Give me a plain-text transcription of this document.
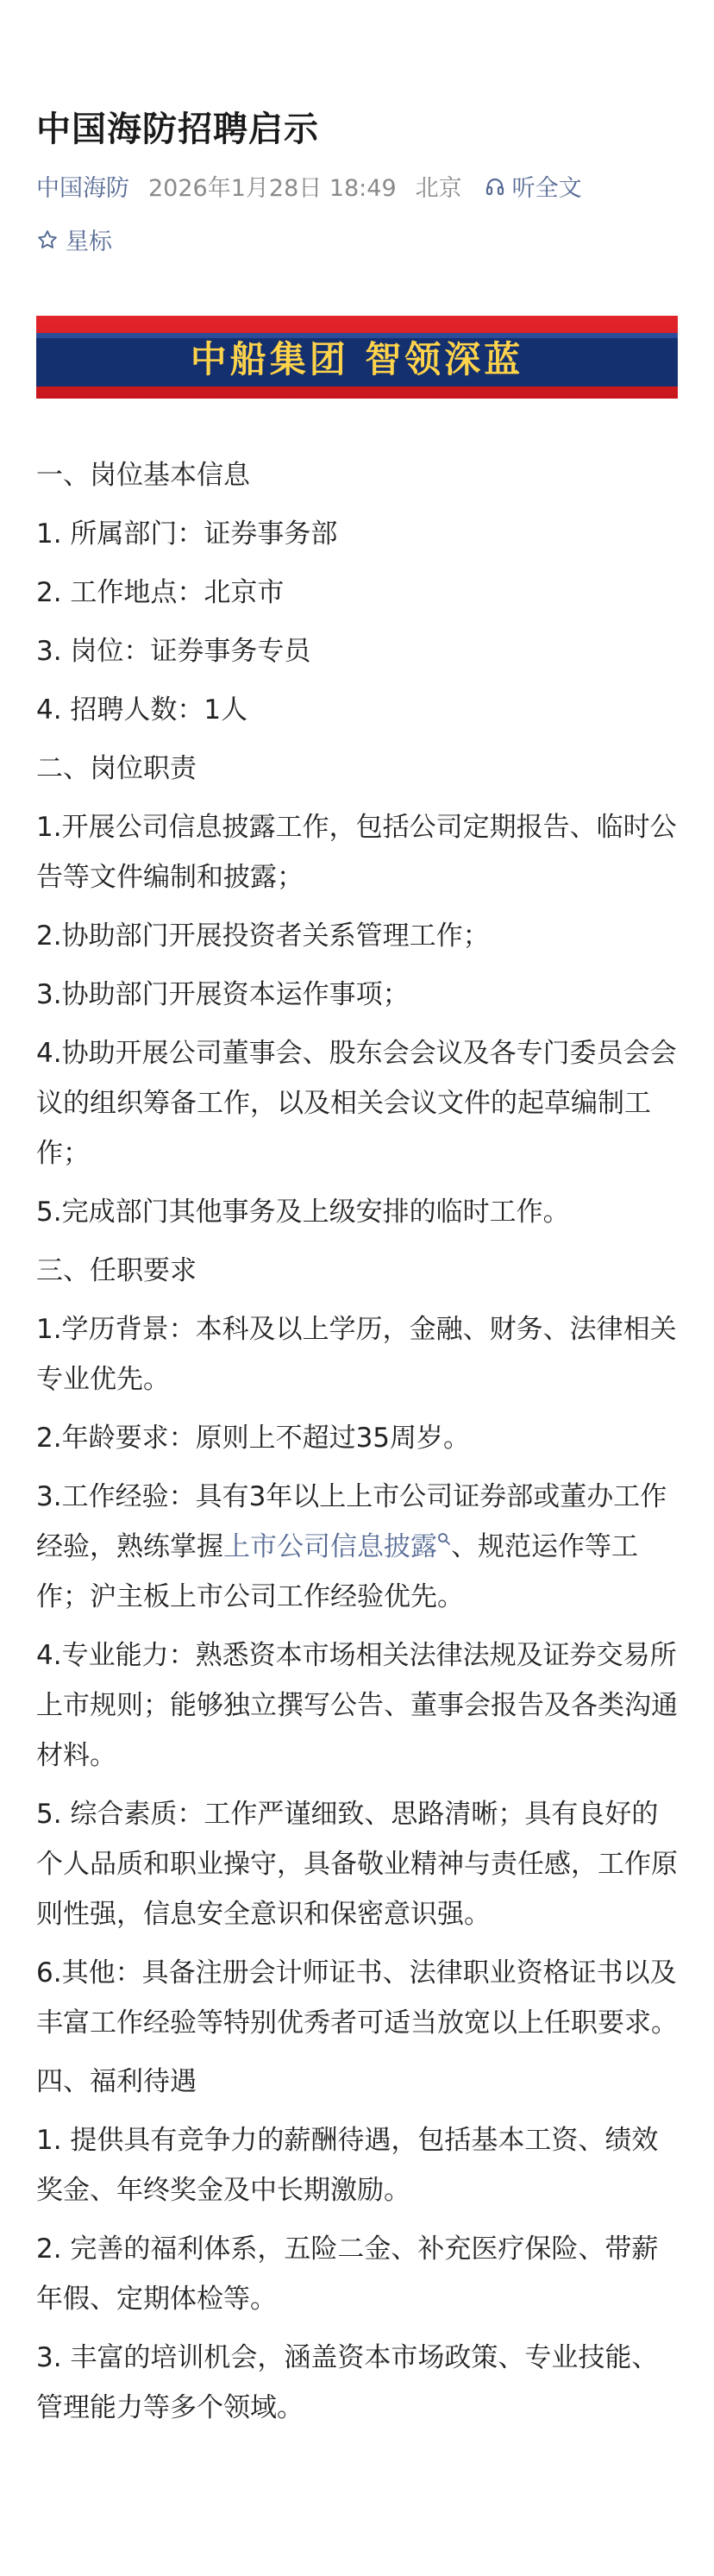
中国海防招聘启示
中国海防 2026年1月28日 18:49 北京 听全文
星标
中船集团 智领深蓝

一、岗位基本信息

1. 所属部门：证券事务部

2. 工作地点：北京市

3. 岗位：证券事务专员

4. 招聘人数：1人

二、岗位职责

1.开展公司信息披露工作，包括公司定期报告、临时公告等文件编制和披露；

2.协助部门开展投资者关系管理工作；

3.协助部门开展资本运作事项；

4.协助开展公司董事会、股东会会议及各专门委员会会议的组织筹备工作，以及相关会议文件的起草编制工作；

5.完成部门其他事务及上级安排的临时工作。

三、任职要求

1.学历背景：本科及以上学历，金融、财务、法律相关专业优先。

2.年龄要求：原则上不超过35周岁。

3.工作经验：具有3年以上上市公司证券部或董办工作经验，熟练掌握上市公司信息披露 、规范运作等工作；沪主板上市公司工作经验优先。

4.专业能力：熟悉资本市场相关法律法规及证券交易所上市规则；能够独立撰写公告、董事会报告及各类沟通材料。

5. 综合素质：工作严谨细致、思路清晰；具有良好的个人品质和职业操守，具备敬业精神与责任感，工作原则性强，信息安全意识和保密意识强。

6.其他：具备注册会计师证书、法律职业资格证书以及丰富工作经验等特别优秀者可适当放宽以上任职要求。

四、福利待遇

1. 提供具有竞争力的薪酬待遇，包括基本工资、绩效奖金、年终奖金及中长期激励。

2. 完善的福利体系，五险二金、补充医疗保险、带薪年假、定期体检等。

3. 丰富的培训机会，涵盖资本市场政策、专业技能、管理能力等多个领域。
